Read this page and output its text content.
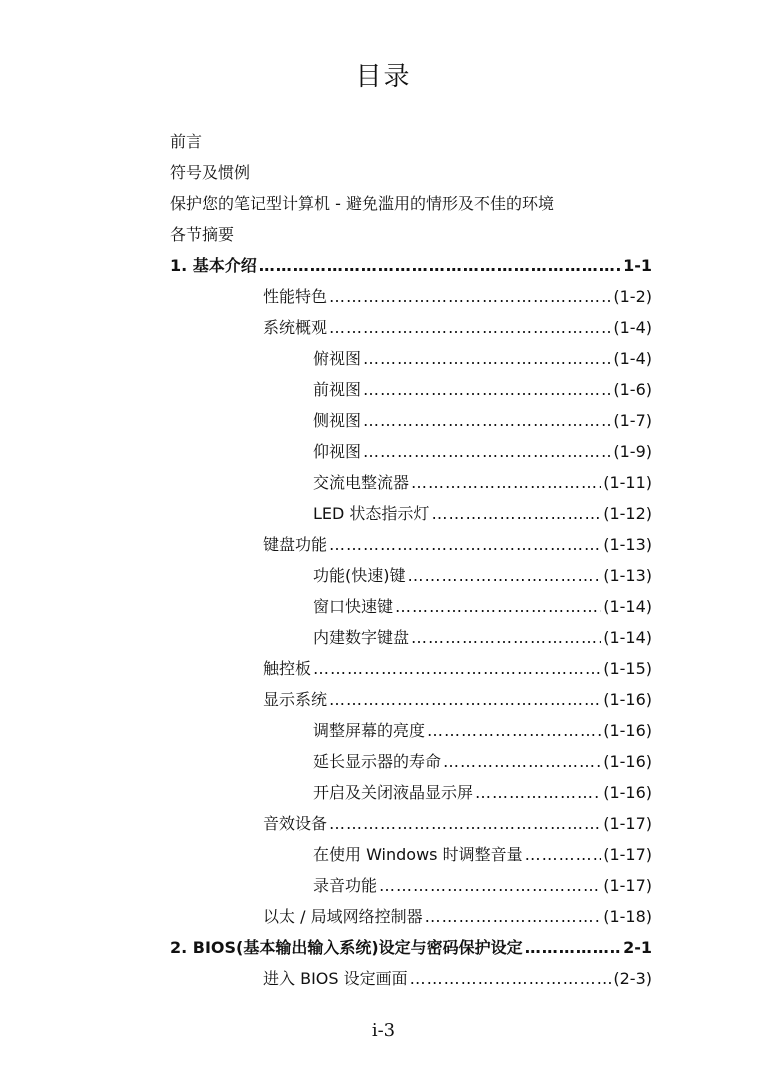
目录
前言
符号及惯例
保护您的笔记型计算机 - 避免滥用的情形及不佳的环境
各节摘要
1. 基本介绍 …………………………………………………………………………………………………………………	1-1
性能特色 …………………………………………………………………………………………………………………	(1-2)
系统概观 …………………………………………………………………………………………………………………	(1-4)
俯视图 …………………………………………………………………………………………………………………	(1-4)
前视图 …………………………………………………………………………………………………………………	(1-6)
侧视图 …………………………………………………………………………………………………………………	(1-7)
仰视图 …………………………………………………………………………………………………………………	(1-9)
交流电整流器 …………………………………………………………………………………………………………………	(1-11)
LED 状态指示灯 …………………………………………………………………………………………………………………	(1-12)
键盘功能 …………………………………………………………………………………………………………………	(1-13)
功能(快速)键 …………………………………………………………………………………………………………………	(1-13)
窗口快速键 …………………………………………………………………………………………………………………	(1-14)
内建数字键盘 …………………………………………………………………………………………………………………	(1-14)
触控板 …………………………………………………………………………………………………………………	(1-15)
显示系统 …………………………………………………………………………………………………………………	(1-16)
调整屏幕的亮度 …………………………………………………………………………………………………………………	(1-16)
延长显示器的寿命 …………………………………………………………………………………………………………………	(1-16)
开启及关闭液晶显示屏 …………………………………………………………………………………………………………………	(1-16)
音效设备 …………………………………………………………………………………………………………………	(1-17)
在使用 Windows 时调整音量 …………………………………………………………………………………………………………………	(1-17)
录音功能 …………………………………………………………………………………………………………………	(1-17)
以太 / 局域网络控制器 …………………………………………………………………………………………………………………	(1-18)
2. BIOS(基本输出输入系统)设定与密码保护设定 …………………………………………………………………………………………………………………	2-1
进入 BIOS 设定画面 …………………………………………………………………………………………………………………	(2-3)
i-3
